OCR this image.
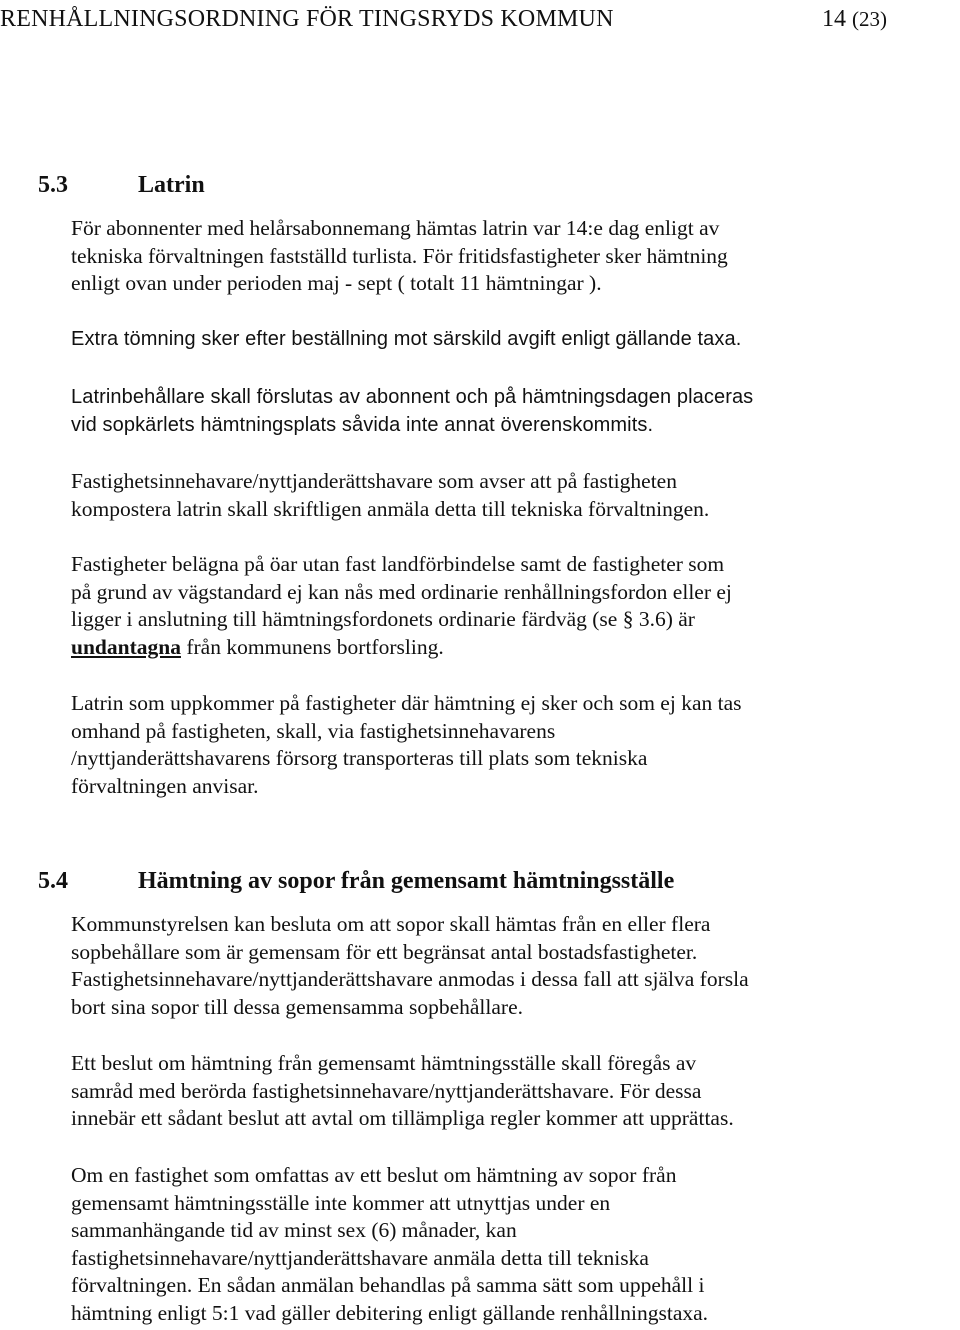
RENHÅLLNINGSORDNING FÖR TINGSRYDS KOMMUN	14 (23)
5.3	Latrin
För abonnenter med helårsabonnemang hämtas latrin var 14:e dag enligt av
tekniska förvaltningen fastställd turlista. För fritidsfastigheter sker hämtning
enligt ovan under perioden maj - sept ( totalt 11 hämtningar ).
Extra tömning sker efter beställning mot särskild avgift enligt gällande taxa.
Latrinbehållare skall förslutas av abonnent och på hämtningsdagen placeras
vid sopkärlets hämtningsplats såvida inte annat överenskommits.
Fastighetsinnehavare/nyttjanderättshavare som avser att på fastigheten
kompostera latrin skall skriftligen anmäla detta till tekniska förvaltningen.
Fastigheter belägna på öar utan fast landförbindelse samt de fastigheter som
på grund av vägstandard ej kan nås med ordinarie renhållningsfordon eller ej
ligger i anslutning till hämtningsfordonets ordinarie färdväg (se § 3.6) är
undantagna från kommunens bortforsling.
Latrin som uppkommer på fastigheter där hämtning ej sker och som ej kan tas
omhand på fastigheten, skall, via fastighetsinnehavarens
/nyttjanderättshavarens försorg transporteras till plats som tekniska
förvaltningen anvisar.
5.4	Hämtning av sopor från gemensamt hämtningsställe
Kommunstyrelsen kan besluta om att sopor skall hämtas från en eller flera
sopbehållare som är gemensam för ett begränsat antal bostadsfastigheter.
Fastighetsinnehavare/nyttjanderättshavare anmodas i dessa fall att själva forsla
bort sina sopor till dessa gemensamma sopbehållare.
Ett beslut om hämtning från gemensamt hämtningsställe skall föregås av
samråd med berörda fastighetsinnehavare/nyttjanderättshavare. För dessa
innebär ett sådant beslut att avtal om tillämpliga regler kommer att upprättas.
Om en fastighet som omfattas av ett beslut om hämtning av sopor från
gemensamt hämtningsställe inte kommer att utnyttjas under en
sammanhängande tid av minst sex (6) månader, kan
fastighetsinnehavare/nyttjanderättshavare anmäla detta till tekniska
förvaltningen. En sådan anmälan behandlas på samma sätt som uppehåll i
hämtning enligt 5:1 vad gäller debitering enligt gällande renhållningstaxa.
